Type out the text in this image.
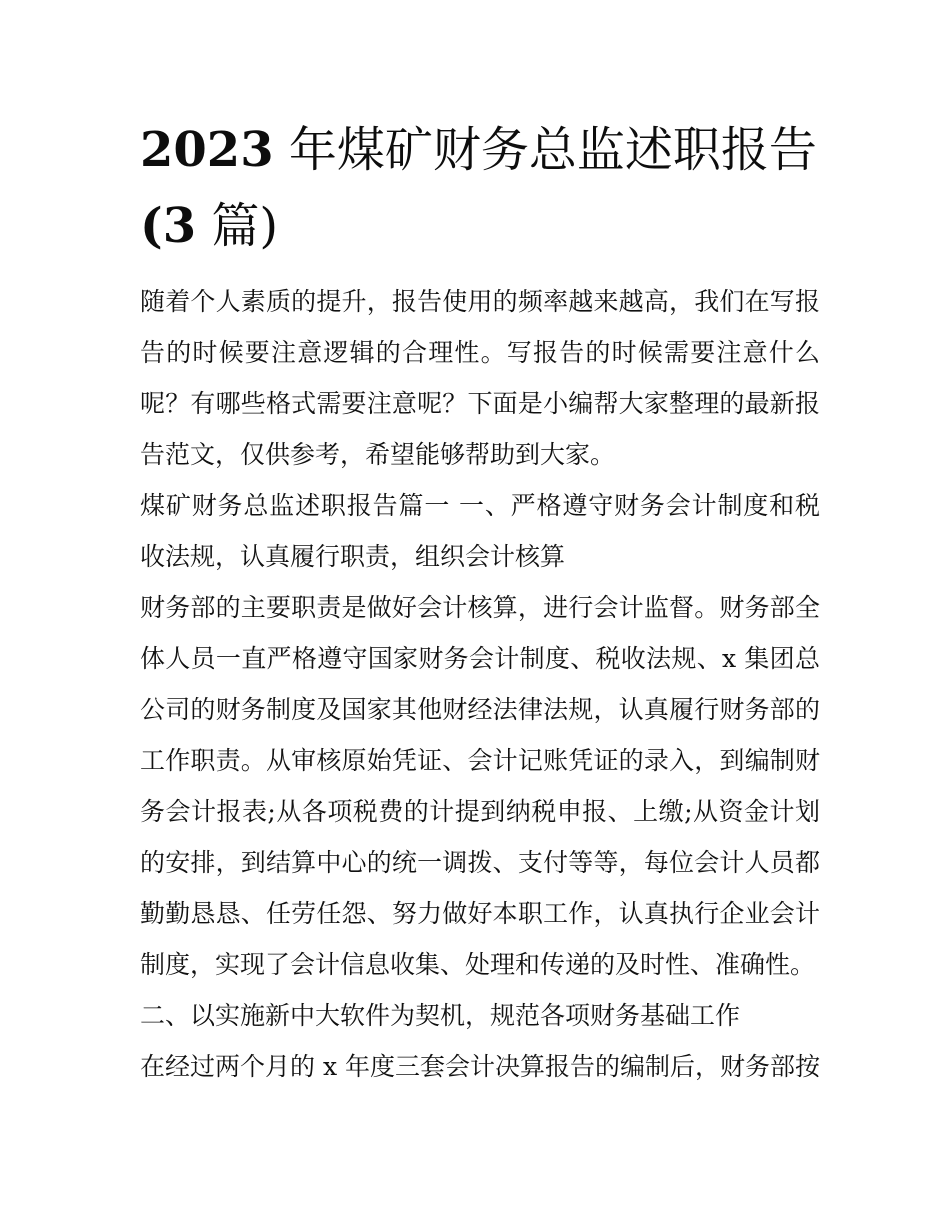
2023 年煤矿财务总监述职报告
(3 篇)

随着个人素质的提升，报告使用的频率越来越高，我们在写报告的时候要注意逻辑的合理性。写报告的时候需要注意什么呢？有哪些格式需要注意呢？下面是小编帮大家整理的最新报告范文，仅供参考，希望能够帮助到大家。

煤矿财务总监述职报告篇一 一、严格遵守财务会计制度和税收法规，认真履行职责，组织会计核算

财务部的主要职责是做好会计核算，进行会计监督。财务部全体人员一直严格遵守国家财务会计制度、税收法规、x 集团总公司的财务制度及国家其他财经法律法规，认真履行财务部的工作职责。从审核原始凭证、会计记账凭证的录入，到编制财务会计报表;从各项税费的计提到纳税申报、上缴;从资金计划的安排，到结算中心的统一调拨、支付等等，每位会计人员都勤勤恳恳、任劳任怨、努力做好本职工作，认真执行企业会计制度，实现了会计信息收集、处理和传递的及时性、准确性。

二、以实施新中大软件为契机，规范各项财务基础工作

在经过两个月的 x 年度三套会计决算报告的编制后，财务部按
